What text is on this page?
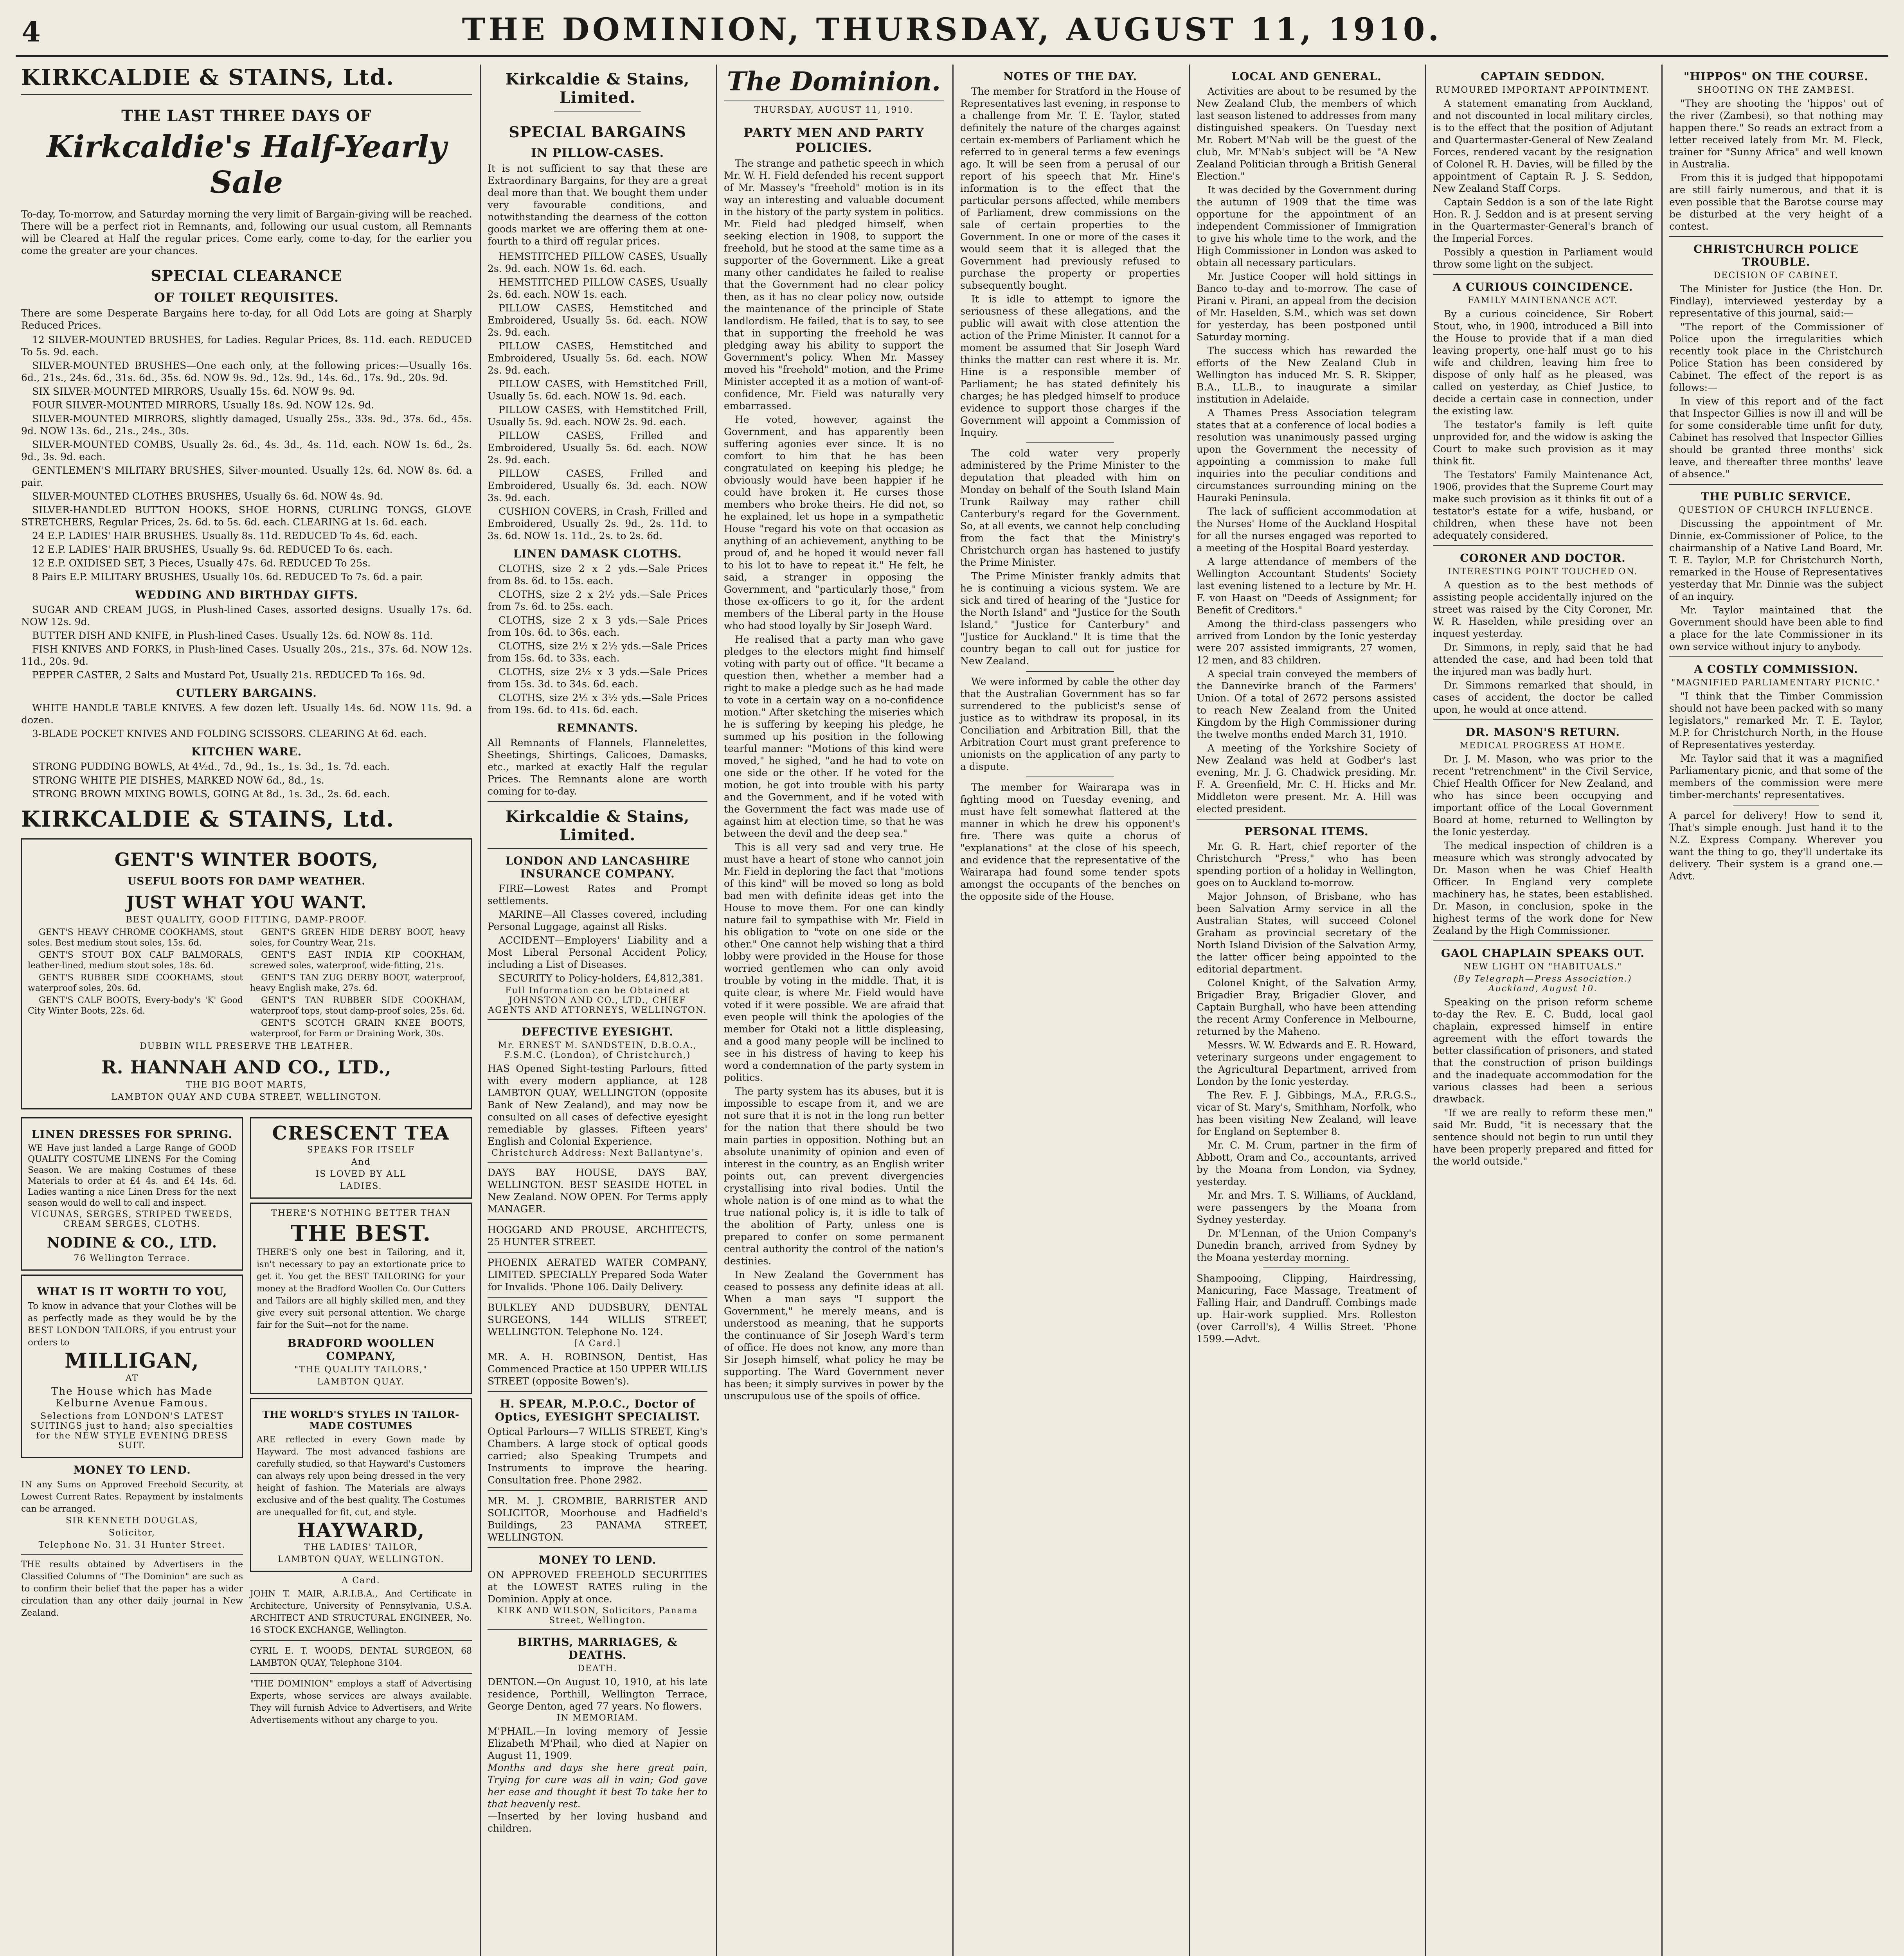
4	THE DOMINION, THURSDAY, AUGUST 11, 1910.
KIRKCALDIE & STAINS, Ltd.
THE LAST THREE DAYS OF
Kirkcaldie's Half-Yearly Sale
To-day, To-morrow, and Saturday morning the very limit of Bargain-giving will be reached. There will be a perfect riot in Remnants, and, following our usual custom, all Remnants will be Cleared at Half the regular prices. Come early, come to-day, for the earlier you come the greater are your chances.
SPECIAL CLEARANCE
OF TOILET REQUISITES.
There are some Desperate Bargains here to-day, for all Odd Lots are going at Sharply Reduced Prices.

12 SILVER-MOUNTED BRUSHES, for Ladies. Regular Prices, 8s. 11d. each. REDUCED To 5s. 9d. each.

SILVER-MOUNTED BRUSHES—One each only, at the following prices:—Usually 16s. 6d., 21s., 24s. 6d., 31s. 6d., 35s. 6d. NOW 9s. 9d., 12s. 9d., 14s. 6d., 17s. 9d., 20s. 9d.

SIX SILVER-MOUNTED MIRRORS, Usually 15s. 6d. NOW 9s. 9d.

FOUR SILVER-MOUNTED MIRRORS, Usually 18s. 9d. NOW 12s. 9d.

SILVER-MOUNTED MIRRORS, slightly damaged, Usually 25s., 33s. 9d., 37s. 6d., 45s. 9d. NOW 13s. 6d., 21s., 24s., 30s.

SILVER-MOUNTED COMBS, Usually 2s. 6d., 4s. 3d., 4s. 11d. each. NOW 1s. 6d., 2s. 9d., 3s. 9d. each.

GENTLEMEN'S MILITARY BRUSHES, Silver-mounted. Usually 12s. 6d. NOW 8s. 6d. a pair.

SILVER-MOUNTED CLOTHES BRUSHES, Usually 6s. 6d. NOW 4s. 9d.

SILVER-HANDLED BUTTON HOOKS, SHOE HORNS, CURLING TONGS, GLOVE STRETCHERS, Regular Prices, 2s. 6d. to 5s. 6d. each. CLEARING at 1s. 6d. each.

24 E.P. LADIES' HAIR BRUSHES. Usually 8s. 11d. REDUCED To 4s. 6d. each.

12 E.P. LADIES' HAIR BRUSHES, Usually 9s. 6d. REDUCED To 6s. each.

12 E.P. OXIDISED SET, 3 Pieces, Usually 47s. 6d. REDUCED To 25s.

8 Pairs E.P. MILITARY BRUSHES, Usually 10s. 6d. REDUCED To 7s. 6d. a pair.

WEDDING AND BIRTHDAY GIFTS.

SUGAR AND CREAM JUGS, in Plush-lined Cases, assorted designs. Usually 17s. 6d. NOW 12s. 9d.

BUTTER DISH AND KNIFE, in Plush-lined Cases. Usually 12s. 6d. NOW 8s. 11d.

FISH KNIVES AND FORKS, in Plush-lined Cases. Usually 20s., 21s., 37s. 6d. NOW 12s. 11d., 20s. 9d.

PEPPER CASTER, 2 Salts and Mustard Pot, Usually 21s. REDUCED To 16s. 9d.

CUTLERY BARGAINS.

WHITE HANDLE TABLE KNIVES. A few dozen left. Usually 14s. 6d. NOW 11s. 9d. a dozen.

3-BLADE POCKET KNIVES AND FOLDING SCISSORS. CLEARING At 6d. each.

KITCHEN WARE.

STRONG PUDDING BOWLS, At 4½d., 7d., 9d., 1s., 1s. 3d., 1s. 7d. each.

STRONG WHITE PIE DISHES, MARKED NOW 6d., 8d., 1s.

STRONG BROWN MIXING BOWLS, GOING At 8d., 1s. 3d., 2s. 6d. each.

KIRKCALDIE & STAINS, Ltd.
GENT'S WINTER BOOTS,
USEFUL BOOTS FOR DAMP WEATHER.
JUST WHAT YOU WANT.
BEST QUALITY, GOOD FITTING, DAMP-PROOF.

GENT'S HEAVY CHROME COOKHAMS, stout soles. Best medium stout soles, 15s. 6d.

GENT'S STOUT BOX CALF BALMORALS, leather-lined, medium stout soles, 18s. 6d.

GENT'S RUBBER SIDE COOKHAMS, stout waterproof soles, 20s. 6d.

GENT'S CALF BOOTS, Every-body's 'K' Good City Winter Boots, 22s. 6d.

GENT'S GREEN HIDE DERBY BOOT, heavy soles, for Country Wear, 21s.

GENT'S EAST INDIA KIP COOKHAM, screwed soles, waterproof, wide-fitting, 21s.

GENT'S TAN ZUG DERBY BOOT, waterproof, heavy English make, 27s. 6d.

GENT'S TAN RUBBER SIDE COOKHAM, waterproof tops, stout damp-proof soles, 25s. 6d.

GENT'S SCOTCH GRAIN KNEE BOOTS, waterproof, for Farm or Draining Work, 30s.

DUBBIN WILL PRESERVE THE LEATHER.
R. HANNAH AND CO., LTD.,
THE BIG BOOT MARTS,
LAMBTON QUAY AND CUBA STREET, WELLINGTON.
LINEN DRESSES FOR SPRING.
WE Have just landed a Large Range of GOOD QUALITY COSTUME LINENS For the Coming Season. We are making Costumes of these Materials to order at £4 4s. and £4 14s. 6d. Ladies wanting a nice Linen Dress for the next season would do well to call and inspect.
VICUNAS, SERGES, STRIPED TWEEDS, CREAM SERGES, CLOTHS.
NODINE & CO., LTD.
76 Wellington Terrace.
WHAT IS IT WORTH TO YOU,
To know in advance that your Clothes will be as perfectly made as they would be by the BEST LONDON TAILORS, if you entrust your orders to
MILLIGAN,
AT
The House which has Made Kelburne Avenue Famous.
Selections from LONDON'S LATEST SUITINGS just to hand; also specialties for the NEW STYLE EVENING DRESS SUIT.
MONEY TO LEND.
IN any Sums on Approved Freehold Security, at Lowest Current Rates. Repayment by instalments can be arranged.
SIR KENNETH DOUGLAS,
Solicitor,
Telephone No. 31. 31 Hunter Street.
THE results obtained by Advertisers in the Classified Columns of "The Dominion" are such as to confirm their belief that the paper has a wider circulation than any other daily journal in New Zealand.
CRESCENT TEA
SPEAKS FOR ITSELF
And
IS LOVED BY ALL
LADIES.
THERE'S NOTHING BETTER THAN
THE BEST.
THERE'S only one best in Tailoring, and it, isn't necessary to pay an extortionate price to get it. You get the BEST TAILORING for your money at the Bradford Woollen Co. Our Cutters and Tailors are all highly skilled men, and they give every suit personal attention. We charge fair for the Suit—not for the name.
BRADFORD WOOLLEN COMPANY,
"THE QUALITY TAILORS,"
LAMBTON QUAY.
THE WORLD'S STYLES IN TAILOR-MADE COSTUMES
ARE reflected in every Gown made by Hayward. The most advanced fashions are carefully studied, so that Hayward's Customers can always rely upon being dressed in the very height of fashion. The Materials are always exclusive and of the best quality. The Costumes are unequalled for fit, cut, and style.
HAYWARD,
THE LADIES' TAILOR,
LAMBTON QUAY, WELLINGTON.
A Card.
JOHN T. MAIR, A.R.I.B.A., And Certificate in Architecture, University of Pennsylvania, U.S.A. ARCHITECT AND STRUCTURAL ENGINEER, No. 16 STOCK EXCHANGE, Wellington.
CYRIL E. T. WOODS, DENTAL SURGEON, 68 LAMBTON QUAY, Telephone 3104.
"THE DOMINION" employs a staff of Advertising Experts, whose services are always available. They will furnish Advice to Advertisers, and Write Advertisements without any charge to you.
Kirkcaldie & Stains, Limited.
SPECIAL BARGAINS
IN PILLOW-CASES.
It is not sufficient to say that these are Extraordinary Bargains, for they are a great deal more than that. We bought them under very favourable conditions, and notwithstanding the dearness of the cotton goods market we are offering them at one-fourth to a third off regular prices.

HEMSTITCHED PILLOW CASES, Usually 2s. 9d. each. NOW 1s. 6d. each.

HEMSTITCHED PILLOW CASES, Usually 2s. 6d. each. NOW 1s. each.

PILLOW CASES, Hemstitched and Embroidered, Usually 5s. 6d. each. NOW 2s. 9d. each.

PILLOW CASES, Hemstitched and Embroidered, Usually 5s. 6d. each. NOW 2s. 9d. each.

PILLOW CASES, with Hemstitched Frill, Usually 5s. 6d. each. NOW 1s. 9d. each.

PILLOW CASES, with Hemstitched Frill, Usually 5s. 9d. each. NOW 2s. 9d. each.

PILLOW CASES, Frilled and Embroidered, Usually 5s. 6d. each. NOW 2s. 9d. each.

PILLOW CASES, Frilled and Embroidered, Usually 6s. 3d. each. NOW 3s. 9d. each.

CUSHION COVERS, in Crash, Frilled and Embroidered, Usually 2s. 9d., 2s. 11d. to 3s. 6d. NOW 1s. 11d., 2s. to 2s. 6d.

LINEN DAMASK CLOTHS.

CLOTHS, size 2 x 2 yds.—Sale Prices from 8s. 6d. to 15s. each.

CLOTHS, size 2 x 2½ yds.—Sale Prices from 7s. 6d. to 25s. each.

CLOTHS, size 2 x 3 yds.—Sale Prices from 10s. 6d. to 36s. each.

CLOTHS, size 2½ x 2½ yds.—Sale Prices from 15s. 6d. to 33s. each.

CLOTHS, size 2½ x 3 yds.—Sale Prices from 15s. 3d. to 34s. 6d. each.

CLOTHS, size 2½ x 3½ yds.—Sale Prices from 19s. 6d. to 41s. 6d. each.

REMNANTS.
All Remnants of Flannels, Flannelettes, Sheetings, Shirtings, Calicoes, Damasks, etc., marked at exactly Half the regular Prices. The Remnants alone are worth coming for to-day.
Kirkcaldie & Stains, Limited.
LONDON AND LANCASHIRE INSURANCE COMPANY.

FIRE—Lowest Rates and Prompt settlements.

MARINE—All Classes covered, including Personal Luggage, against all Risks.

ACCIDENT—Employers' Liability and a Most Liberal Personal Accident Policy, including a List of Diseases.

SECURITY to Policy-holders, £4,812,381.

Full Information can be Obtained at JOHNSTON AND CO., LTD., CHIEF AGENTS AND ATTORNEYS, WELLINGTON.
DEFECTIVE EYESIGHT.
Mr. ERNEST M. SANDSTEIN, D.B.O.A., F.S.M.C. (London), of Christchurch,)
HAS Opened Sight-testing Parlours, fitted with every modern appliance, at 128 LAMBTON QUAY, WELLINGTON (opposite Bank of New Zealand), and may now be consulted on all cases of defective eyesight remediable by glasses. Fifteen years' English and Colonial Experience.
Christchurch Address: Next Ballantyne's.
DAYS BAY HOUSE, DAYS BAY, WELLINGTON. BEST SEASIDE HOTEL in New Zealand. NOW OPEN. For Terms apply MANAGER.
HOGGARD AND PROUSE, ARCHITECTS, 25 HUNTER STREET.
PHOENIX AERATED WATER COMPANY, LIMITED. SPECIALLY Prepared Soda Water for Invalids. 'Phone 106. Daily Delivery.
BULKLEY AND DUDSBURY, DENTAL SURGEONS, 144 WILLIS STREET, WELLINGTON. Telephone No. 124.
[A Card.]
MR. A. H. ROBINSON, Dentist, Has Commenced Practice at 150 UPPER WILLIS STREET (opposite Bowen's).
H. SPEAR, M.P.O.C., Doctor of Optics, EYESIGHT SPECIALIST.
Optical Parlours—7 WILLIS STREET, King's Chambers. A large stock of optical goods carried; also Speaking Trumpets and Instruments to improve the hearing. Consultation free. Phone 2982.
MR. M. J. CROMBIE, BARRISTER AND SOLICITOR, Moorhouse and Hadfield's Buildings, 23 PANAMA STREET, WELLINGTON.
MONEY TO LEND.
ON APPROVED FREEHOLD SECURITIES at the LOWEST RATES ruling in the Dominion. Apply at once.
KIRK AND WILSON, Solicitors, Panama Street, Wellington.
BIRTHS, MARRIAGES, & DEATHS.
DEATH.
DENTON.—On August 10, 1910, at his late residence, Porthill, Wellington Terrace, George Denton, aged 77 years. No flowers.
IN MEMORIAM.
M'PHAIL.—In loving memory of Jessie Elizabeth M'Phail, who died at Napier on August 11, 1909.
Months and days she here great pain, Trying for cure was all in vain; God gave her ease and thought it best To take her to that heavenly rest.
—Inserted by her loving husband and children.
The Dominion.
THURSDAY, AUGUST 11, 1910.
PARTY MEN AND PARTY POLICIES.

The strange and pathetic speech in which Mr. W. H. Field defended his recent support of Mr. Massey's "freehold" motion is in its way an interesting and valuable document in the history of the party system in politics. Mr. Field had pledged himself, when seeking election in 1908, to support the freehold, but he stood at the same time as a supporter of the Government. Like a great many other candidates he failed to realise that the Government had no clear policy then, as it has no clear policy now, outside the maintenance of the principle of State landlordism. He failed, that is to say, to see that in supporting the freehold he was pledging away his ability to support the Government's policy. When Mr. Massey moved his "freehold" motion, and the Prime Minister accepted it as a motion of want-of-confidence, Mr. Field was naturally very embarrassed.

He voted, however, against the Government, and has apparently been suffering agonies ever since. It is no comfort to him that he has been congratulated on keeping his pledge; he obviously would have been happier if he could have broken it. He curses those members who broke theirs. He did not, so he explained, let us hope in a sympathetic House "regard his vote on that occasion as anything of an achievement, anything to be proud of, and he hoped it would never fall to his lot to have to repeat it." He felt, he said, a stranger in opposing the Government, and "particularly those," from those ex-officers to go it, for the ardent members of the Liberal party in the House who had stood loyally by Sir Joseph Ward.

He realised that a party man who gave pledges to the electors might find himself voting with party out of office. "It became a question then, whether a member had a right to make a pledge such as he had made to vote in a certain way on a no-confidence motion." After sketching the miseries which he is suffering by keeping his pledge, he summed up his position in the following tearful manner: "Motions of this kind were moved," he sighed, "and he had to vote on one side or the other. If he voted for the motion, he got into trouble with his party and the Government, and if he voted with the Government the fact was made use of against him at election time, so that he was between the devil and the deep sea."

This is all very sad and very true. He must have a heart of stone who cannot join Mr. Field in deploring the fact that "motions of this kind" will be moved so long as bold bad men with definite ideas get into the House to move them. For one can kindly nature fail to sympathise with Mr. Field in his obligation to "vote on one side or the other." One cannot help wishing that a third lobby were provided in the House for those worried gentlemen who can only avoid trouble by voting in the middle. That, it is quite clear, is where Mr. Field would have voted if it were possible. We are afraid that even people will think the apologies of the member for Otaki not a little displeasing, and a good many people will be inclined to see in his distress of having to keep his word a condemnation of the party system in politics.

The party system has its abuses, but it is impossible to escape from it, and we are not sure that it is not in the long run better for the nation that there should be two main parties in opposition. Nothing but an absolute unanimity of opinion and even of interest in the country, as an English writer points out, can prevent divergencies crystallising into rival bodies. Until the whole nation is of one mind as to what the true national policy is, it is idle to talk of the abolition of Party, unless one is prepared to confer on some permanent central authority the control of the nation's destinies.

In New Zealand the Government has ceased to possess any definite ideas at all. When a man says "I support the Government," he merely means, and is understood as meaning, that he supports the continuance of Sir Joseph Ward's term of office. He does not know, any more than Sir Joseph himself, what policy he may be supporting. The Ward Government never has been; it simply survives in power by the unscrupulous use of the spoils of office.

NOTES OF THE DAY.

The member for Stratford in the House of Representatives last evening, in response to a challenge from Mr. T. E. Taylor, stated definitely the nature of the charges against certain ex-members of Parliament which he referred to in general terms a few evenings ago. It will be seen from a perusal of our report of his speech that Mr. Hine's information is to the effect that the particular persons affected, while members of Parliament, drew commissions on the sale of certain properties to the Government. In one or more of the cases it would seem that it is alleged that the Government had previously refused to purchase the property or properties subsequently bought.

It is idle to attempt to ignore the seriousness of these allegations, and the public will await with close attention the action of the Prime Minister. It cannot for a moment be assumed that Sir Joseph Ward thinks the matter can rest where it is. Mr. Hine is a responsible member of Parliament; he has stated definitely his charges; he has pledged himself to produce evidence to support those charges if the Government will appoint a Commission of Inquiry.

The cold water very properly administered by the Prime Minister to the deputation that pleaded with him on Monday on behalf of the South Island Main Trunk Railway may rather chill Canterbury's regard for the Government. So, at all events, we cannot help concluding from the fact that the Ministry's Christchurch organ has hastened to justify the Prime Minister.

The Prime Minister frankly admits that he is continuing a vicious system. We are sick and tired of hearing of the "Justice for the North Island" and "Justice for the South Island," "Justice for Canterbury" and "Justice for Auckland." It is time that the country began to call out for justice for New Zealand.

We were informed by cable the other day that the Australian Government has so far surrendered to the publicist's sense of justice as to withdraw its proposal, in its Conciliation and Arbitration Bill, that the Arbitration Court must grant preference to unionists on the application of any party to a dispute.

The member for Wairarapa was in fighting mood on Tuesday evening, and must have felt somewhat flattered at the manner in which he drew his opponent's fire. There was quite a chorus of "explanations" at the close of his speech, and evidence that the representative of the Wairarapa had found some tender spots amongst the occupants of the benches on the opposite side of the House.

LOCAL AND GENERAL.

Activities are about to be resumed by the New Zealand Club, the members of which last season listened to addresses from many distinguished speakers. On Tuesday next Mr. Robert M'Nab will be the guest of the club, Mr. M'Nab's subject will be "A New Zealand Politician through a British General Election."

It was decided by the Government during the autumn of 1909 that the time was opportune for the appointment of an independent Commissioner of Immigration to give his whole time to the work, and the High Commissioner in London was asked to obtain all necessary particulars.

Mr. Justice Cooper will hold sittings in Banco to-day and to-morrow. The case of Pirani v. Pirani, an appeal from the decision of Mr. Haselden, S.M., which was set down for yesterday, has been postponed until Saturday morning.

The success which has rewarded the efforts of the New Zealand Club in Wellington has induced Mr. S. R. Skipper, B.A., LL.B., to inaugurate a similar institution in Adelaide.

A Thames Press Association telegram states that at a conference of local bodies a resolution was unanimously passed urging upon the Government the necessity of appointing a commission to make full inquiries into the peculiar conditions and circumstances surrounding mining on the Hauraki Peninsula.

The lack of sufficient accommodation at the Nurses' Home of the Auckland Hospital for all the nurses engaged was reported to a meeting of the Hospital Board yesterday.

A large attendance of members of the Wellington Accountant Students' Society last evening listened to a lecture by Mr. H. F. von Haast on "Deeds of Assignment; for Benefit of Creditors."

Among the third-class passengers who arrived from London by the Ionic yesterday were 207 assisted immigrants, 27 women, 12 men, and 83 children.

A special train conveyed the members of the Dannevirke branch of the Farmers' Union. Of a total of 2672 persons assisted to reach New Zealand from the United Kingdom by the High Commissioner during the twelve months ended March 31, 1910.

A meeting of the Yorkshire Society of New Zealand was held at Godber's last evening, Mr. J. G. Chadwick presiding. Mr. F. A. Greenfield, Mr. C. H. Hicks and Mr. Middleton were present. Mr. A. Hill was elected president.

PERSONAL ITEMS.

Mr. G. R. Hart, chief reporter of the Christchurch "Press," who has been spending portion of a holiday in Wellington, goes on to Auckland to-morrow.

Major Johnson, of Brisbane, who has been Salvation Army service in all the Australian States, will succeed Colonel Graham as provincial secretary of the North Island Division of the Salvation Army, the latter officer being appointed to the editorial department.

Colonel Knight, of the Salvation Army, Brigadier Bray, Brigadier Glover, and Captain Burghall, who have been attending the recent Army Conference in Melbourne, returned by the Maheno.

Messrs. W. W. Edwards and E. R. Howard, veterinary surgeons under engagement to the Agricultural Department, arrived from London by the Ionic yesterday.

The Rev. F. J. Gibbings, M.A., F.R.G.S., vicar of St. Mary's, Smithham, Norfolk, who has been visiting New Zealand, will leave for England on September 8.

Mr. C. M. Crum, partner in the firm of Abbott, Oram and Co., accountants, arrived by the Moana from London, via Sydney, yesterday.

Mr. and Mrs. T. S. Williams, of Auckland, were passengers by the Moana from Sydney yesterday.

Dr. M'Lennan, of the Union Company's Dunedin branch, arrived from Sydney by the Moana yesterday morning.

Shampooing, Clipping, Hairdressing, Manicuring, Face Massage, Treatment of Falling Hair, and Dandruff. Combings made up. Hair-work supplied. Mrs. Rolleston (over Carroll's), 4 Willis Street. 'Phone 1599.—Advt.
CAPTAIN SEDDON.
RUMOURED IMPORTANT APPOINTMENT.

A statement emanating from Auckland, and not discounted in local military circles, is to the effect that the position of Adjutant and Quartermaster-General of New Zealand Forces, rendered vacant by the resignation of Colonel R. H. Davies, will be filled by the appointment of Captain R. J. S. Seddon, New Zealand Staff Corps.

Captain Seddon is a son of the late Right Hon. R. J. Seddon and is at present serving in the Quartermaster-General's branch of the Imperial Forces.

Possibly a question in Parliament would throw some light on the subject.

A CURIOUS COINCIDENCE.
FAMILY MAINTENANCE ACT.

By a curious coincidence, Sir Robert Stout, who, in 1900, introduced a Bill into the House to provide that if a man died leaving property, one-half must go to his wife and children, leaving him free to dispose of only half as he pleased, was called on yesterday, as Chief Justice, to decide a certain case in connection, under the existing law.

The testator's family is left quite unprovided for, and the widow is asking the Court to make such provision as it may think fit.

The Testators' Family Maintenance Act, 1906, provides that the Supreme Court may make such provision as it thinks fit out of a testator's estate for a wife, husband, or children, when these have not been adequately considered.

CORONER AND DOCTOR.
INTERESTING POINT TOUCHED ON.

A question as to the best methods of assisting people accidentally injured on the street was raised by the City Coroner, Mr. W. R. Haselden, while presiding over an inquest yesterday.

Dr. Simmons, in reply, said that he had attended the case, and had been told that the injured man was badly hurt.

Dr. Simmons remarked that should, in cases of accident, the doctor be called upon, he would at once attend.

DR. MASON'S RETURN.
MEDICAL PROGRESS AT HOME.

Dr. J. M. Mason, who was prior to the recent "retrenchment" in the Civil Service, Chief Health Officer for New Zealand, and who has since been occupying and important office of the Local Government Board at home, returned to Wellington by the Ionic yesterday.

The medical inspection of children is a measure which was strongly advocated by Dr. Mason when he was Chief Health Officer. In England very complete machinery has, he states, been established. Dr. Mason, in conclusion, spoke in the highest terms of the work done for New Zealand by the High Commissioner.

GAOL CHAPLAIN SPEAKS OUT.
NEW LIGHT ON "HABITUALS."
(By Telegraph—Press Association.) Auckland, August 10.

Speaking on the prison reform scheme to-day the Rev. E. C. Budd, local gaol chaplain, expressed himself in entire agreement with the effort towards the better classification of prisoners, and stated that the construction of prison buildings and the inadequate accommodation for the various classes had been a serious drawback.

"If we are really to reform these men," said Mr. Budd, "it is necessary that the sentence should not begin to run until they have been properly prepared and fitted for the world outside."

"HIPPOS" ON THE COURSE.
SHOOTING ON THE ZAMBESI.

"They are shooting the 'hippos' out of the river (Zambesi), so that nothing may happen there." So reads an extract from a letter received lately from Mr. M. Fleck, trainer for "Sunny Africa" and well known in Australia.

From this it is judged that hippopotami are still fairly numerous, and that it is even possible that the Barotse course may be disturbed at the very height of a contest.

CHRISTCHURCH POLICE TROUBLE.
DECISION OF CABINET.

The Minister for Justice (the Hon. Dr. Findlay), interviewed yesterday by a representative of this journal, said:—

"The report of the Commissioner of Police upon the irregularities which recently took place in the Christchurch Police Station has been considered by Cabinet. The effect of the report is as follows:—

In view of this report and of the fact that Inspector Gillies is now ill and will be for some considerable time unfit for duty, Cabinet has resolved that Inspector Gillies should be granted three months' sick leave, and thereafter three months' leave of absence."

THE PUBLIC SERVICE.
QUESTION OF CHURCH INFLUENCE.

Discussing the appointment of Mr. Dinnie, ex-Commissioner of Police, to the chairmanship of a Native Land Board, Mr. T. E. Taylor, M.P. for Christchurch North, remarked in the House of Representatives yesterday that Mr. Dinnie was the subject of an inquiry.

Mr. Taylor maintained that the Government should have been able to find a place for the late Commissioner in its own service without injury to anybody.

A COSTLY COMMISSION.
"MAGNIFIED PARLIAMENTARY PICNIC."

"I think that the Timber Commission should not have been packed with so many legislators," remarked Mr. T. E. Taylor, M.P. for Christchurch North, in the House of Representatives yesterday.

Mr. Taylor said that it was a magnified Parliamentary picnic, and that some of the members of the commission were mere timber-merchants' representatives.

A parcel for delivery! How to send it, That's simple enough. Just hand it to the N.Z. Express Company. Wherever you want the thing to go, they'll undertake its delivery. Their system is a grand one.—Advt.
